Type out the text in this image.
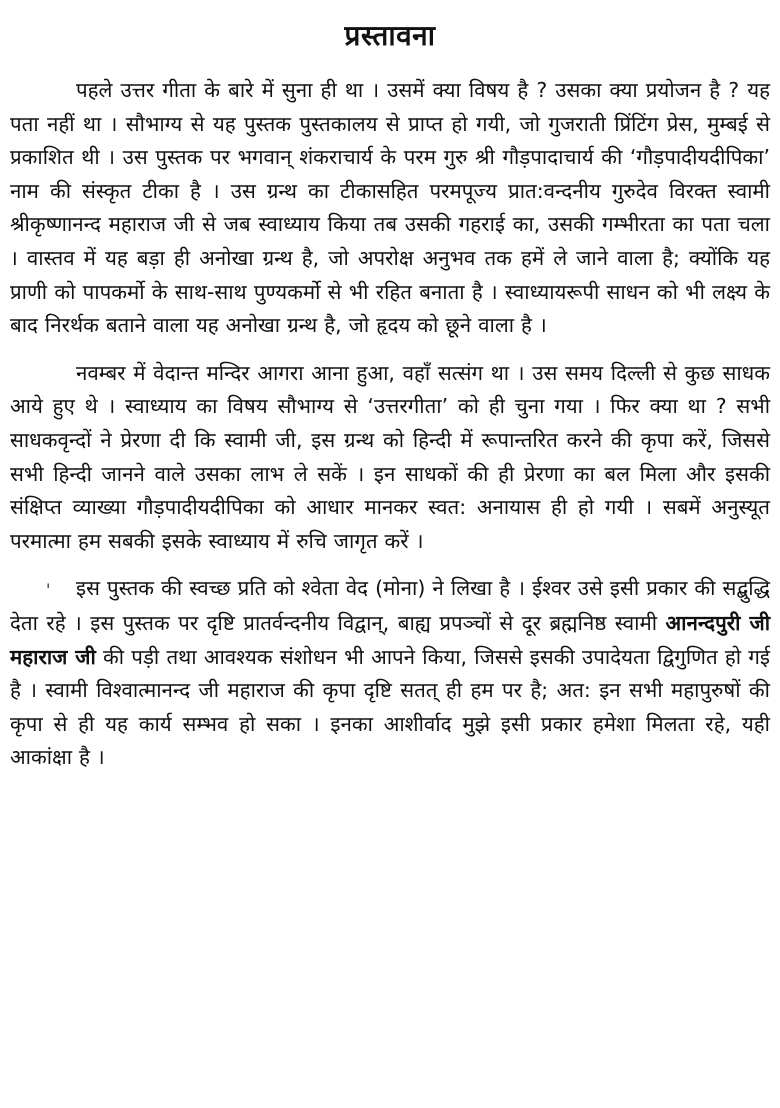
प्रस्तावना

पहले उत्तर गीता के बारे में सुना ही था । उसमें क्या विषय है ? उसका क्या प्रयोजन है ? यह पता नहीं था । सौभाग्य से यह पुस्तक पुस्तकालय से प्राप्त हो गयी, जो गुजराती प्रिंटिंग प्रेस, मुम्बई से प्रकाशित थी । उस पुस्तक पर भगवान् शंकराचार्य के परम गुरु श्री गौड़पादाचार्य की ‘गौड़पादीयदीपिका’ नाम की संस्कृत टीका है । उस ग्रन्थ का टीकासहित परमपूज्य प्रात:वन्दनीय गुरुदेव विरक्त स्वामी श्रीकृष्णानन्द महाराज जी से जब स्वाध्याय किया तब उसकी गहराई का, उसकी गम्भीरता का पता चला । वास्तव में यह बड़ा ही अनोखा ग्रन्थ है, जो अपरोक्ष अनुभव तक हमें ले जाने वाला है; क्योंकि यह प्राणी को पापकर्मो के साथ-साथ पुण्यकर्मो से भी रहित बनाता है । स्वाध्यायरूपी साधन को भी लक्ष्य के बाद निरर्थक बताने वाला यह अनोखा ग्रन्थ है, जो हृदय को छूने वाला है ।

नवम्बर में वेदान्त मन्दिर आगरा आना हुआ, वहाँ सत्संग था । उस समय दिल्ली से कुछ साधक आये हुए थे । स्वाध्याय का विषय सौभाग्य से ‘उत्तरगीता’ को ही चुना गया । फिर क्या था ? सभी साधकवृन्दों ने प्रेरणा दी कि स्वामी जी, इस ग्रन्थ को हिन्दी में रूपान्तरित करने की कृपा करें, जिससे सभी हिन्दी जानने वाले उसका लाभ ले सकें । इन साधकों की ही प्रेरणा का बल मिला और इसकी संक्षिप्त व्याख्या गौड़पादीयदीपिका को आधार मानकर स्वत: अनायास ही हो गयी । सबमें अनुस्यूत परमात्मा हम सबकी इसके स्वाध्याय में रुचि जागृत करें ।

' इस पुस्तक की स्वच्छ प्रति को श्वेता वेद (मोना) ने लिखा है । ईश्वर उसे इसी प्रकार की सद्बुद्धि देता रहे । इस पुस्तक पर दृष्टि प्रातर्वन्दनीय विद्वान्, बाह्य प्रपञ्चों से दूर ब्रह्मनिष्ठ स्वामी आनन्दपुरी जी महाराज जी की पड़ी तथा आवश्यक संशोधन भी आपने किया, जिससे इसकी उपादेयता द्विगुणित हो गई है । स्वामी विश्वात्मानन्द जी महाराज की कृपा दृष्टि सतत् ही हम पर है; अत: इन सभी महापुरुषों की कृपा से ही यह कार्य सम्भव हो सका । इनका आशीर्वाद मुझे इसी प्रकार हमेशा मिलता रहे, यही आकांक्षा है ।
